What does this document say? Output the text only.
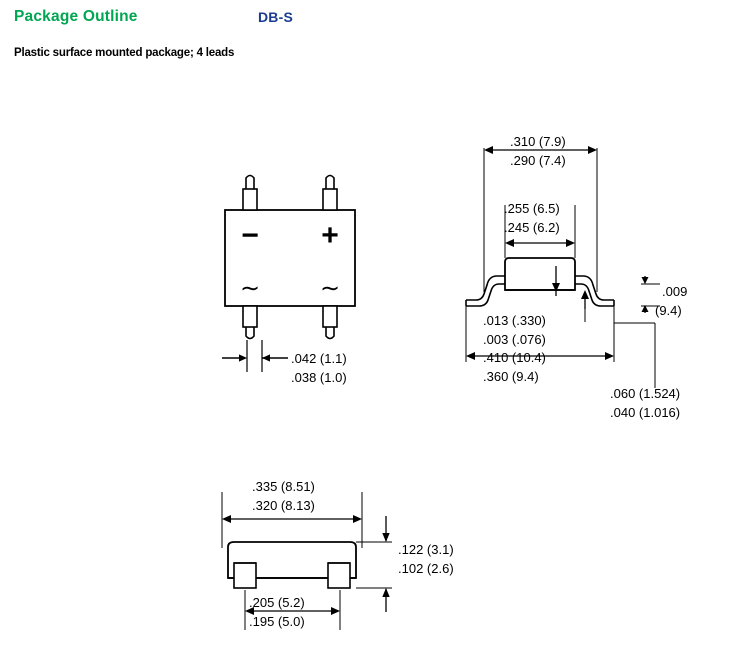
Package Outline	DB-S
Plastic surface mounted package; 4 leads
− +
∼ ∼
.042 (1.1)
.038 (1.0)
.310 (7.9)
.290 (7.4)
.255 (6.5)
.245 (6.2)
.013 (.330)
.003 (.076)
.410 (10.4)
.360 (9.4)
.009
(9.4)
.060 (1.524)
.040 (1.016)
.335 (8.51)
.320 (8.13)
.122 (3.1)
.102 (2.6)
.205 (5.2)
.195 (5.0)
